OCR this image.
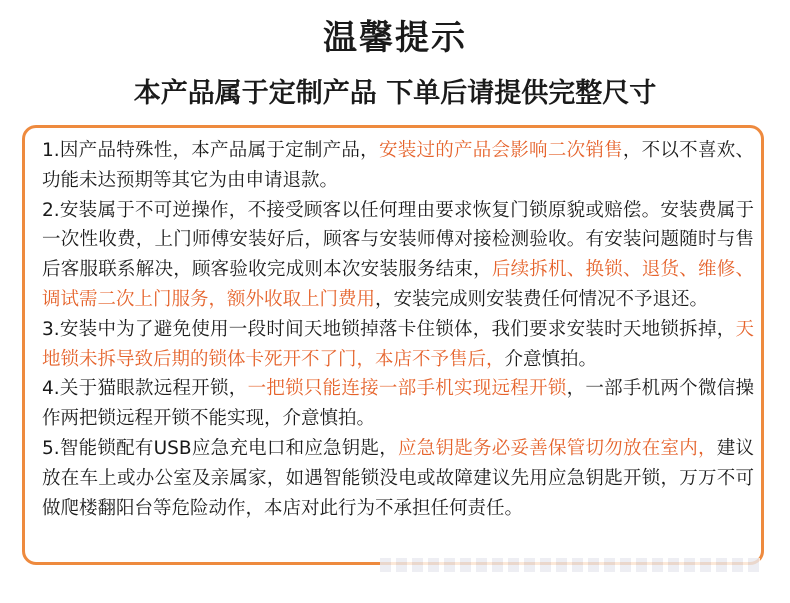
温馨提示
本产品属于定制产品 下单后请提供完整尺寸

1.因产品特殊性，本产品属于定制产品，安装过的产品会影响二次销售，不以不喜欢、功能未达预期等其它为由申请退款。

2.安装属于不可逆操作，不接受顾客以任何理由要求恢复门锁原貌或赔偿。安装费属于一次性收费，上门师傅安装好后，顾客与安装师傅对接检测验收。有安装问题随时与售后客服联系解决，顾客验收完成则本次安装服务结束，后续拆机、换锁、退货、维修、调试需二次上门服务，额外收取上门费用，安装完成则安装费任何情况不予退还。

3.安装中为了避免使用一段时间天地锁掉落卡住锁体，我们要求安装时天地锁拆掉，天地锁未拆导致后期的锁体卡死开不了门，本店不予售后，介意慎拍。

4.关于猫眼款远程开锁，一把锁只能连接一部手机实现远程开锁，一部手机两个微信操作两把锁远程开锁不能实现，介意慎拍。

5.智能锁配有USB应急充电口和应急钥匙，应急钥匙务必妥善保管切勿放在室内，建议放在车上或办公室及亲属家，如遇智能锁没电或故障建议先用应急钥匙开锁，万万不可做爬楼翻阳台等危险动作，本店对此行为不承担任何责任。
